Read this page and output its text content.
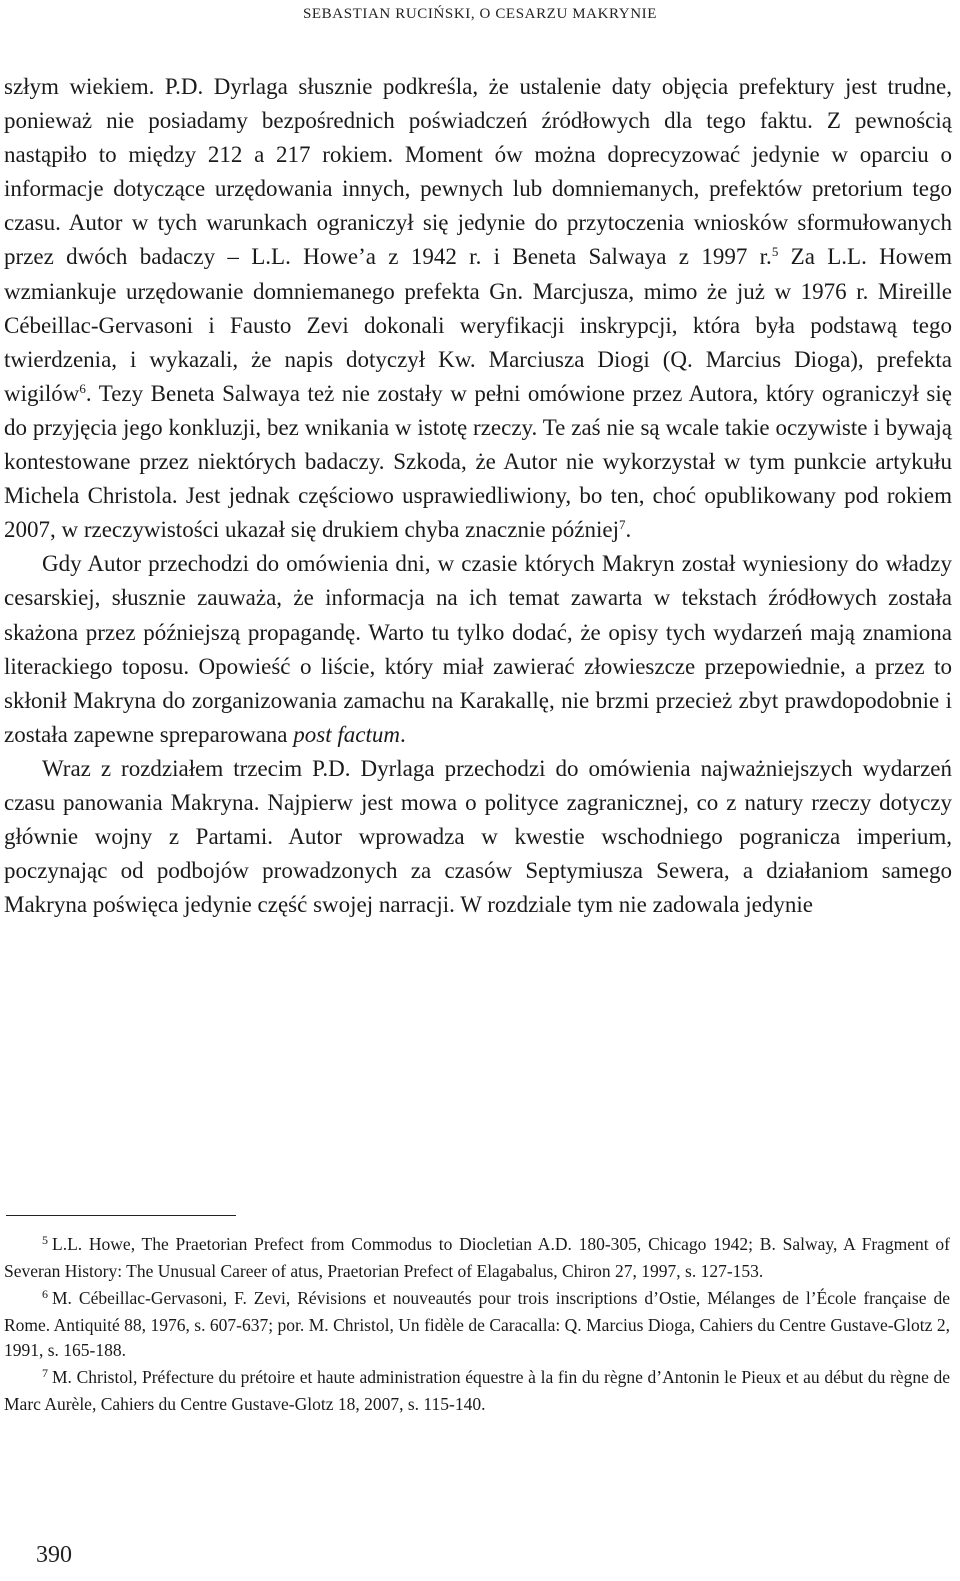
SEBASTIAN RUCIŃSKI, O CESARZU MAKRYNIE

szłym wiekiem. P.D. Dyrlaga słusznie podkreśla, że ustalenie daty objęcia prefektury jest trudne, ponieważ nie posiadamy bezpośrednich poświadczeń źródłowych dla tego faktu. Z pewnością nastąpiło to między 212 a 217 rokiem. Moment ów można doprecyzować jedynie w oparciu o informacje dotyczące urzędowania innych, pewnych lub domniemanych, prefektów pretorium tego czasu. Autor w tych warunkach ograniczył się jedynie do przytoczenia wniosków sformułowanych przez dwóch badaczy – L.L. Howe’a z 1942 r. i Beneta Salwaya z 1997 r.$^5$ Za L.L. Howem wzmiankuje urzędowanie domniemanego prefekta Gn. Marcjusza, mimo że już w 1976 r. Mireille Cébeillac-Gervasoni i Fausto Zevi dokonali weryfikacji inskrypcji, która była podstawą tego twierdzenia, i wykazali, że napis dotyczył Kw. Marciusza Diogi (Q. Marcius Dioga), prefekta wigilów$^6$. Tezy Beneta Salwaya też nie zostały w pełni omówione przez Autora, który ograniczył się do przyjęcia jego konkluzji, bez wnikania w istotę rzeczy. Te zaś nie są wcale takie oczywiste i bywają kontestowane przez niektórych badaczy. Szkoda, że Autor nie wykorzystał w tym punkcie artykułu Michela Christola. Jest jednak częściowo usprawiedliwiony, bo ten, choć opublikowany pod rokiem 2007, w rzeczywistości ukazał się drukiem chyba znacznie później$^7$.

Gdy Autor przechodzi do omówienia dni, w czasie których Makryn został wyniesiony do władzy cesarskiej, słusznie zauważa, że informacja na ich temat zawarta w tekstach źródłowych została skażona przez późniejszą propagandę. Warto tu tylko dodać, że opisy tych wydarzeń mają znamiona literackiego toposu. Opowieść o liście, który miał zawierać złowieszcze przepowiednie, a przez to skłonił Makryna do zorganizowania zamachu na Karakallę, nie brzmi przecież zbyt prawdopodobnie i została zapewne spreparowana post factum.

Wraz z rozdziałem trzecim P.D. Dyrlaga przechodzi do omówienia najważniejszych wydarzeń czasu panowania Makryna. Najpierw jest mowa o polityce zagranicznej, co z natury rzeczy dotyczy głównie wojny z Partami. Autor wprowadza w kwestie wschodniego pogranicza imperium, poczynając od podbojów prowadzonych za czasów Septymiusza Sewera, a działaniom samego Makryna poświęca jedynie część swojej narracji. W rozdziale tym nie zadowala jedynie

$^5$ L.L. Howe, The Praetorian Prefect from Commodus to Diocletian A.D. 180-305, Chicago 1942; B. Salway, A Fragment of Severan History: The Unusual Career of atus, Praetorian Prefect of Elagabalus, Chiron 27, 1997, s. 127-153.

$^6$ M. Cébeillac-Gervasoni, F. Zevi, Révisions et nouveautés pour trois inscriptions d’Ostie, Mélanges de l’École française de Rome. Antiquité 88, 1976, s. 607-637; por. M. Christol, Un fidèle de Caracalla: Q. Marcius Dioga, Cahiers du Centre Gustave-Glotz 2, 1991, s. 165-188.

$^7$ M. Christol, Préfecture du prétoire et haute administration équestre à la fin du règne d’Antonin le Pieux et au début du règne de Marc Aurèle, Cahiers du Centre Gustave-Glotz 18, 2007, s. 115-140.

390
